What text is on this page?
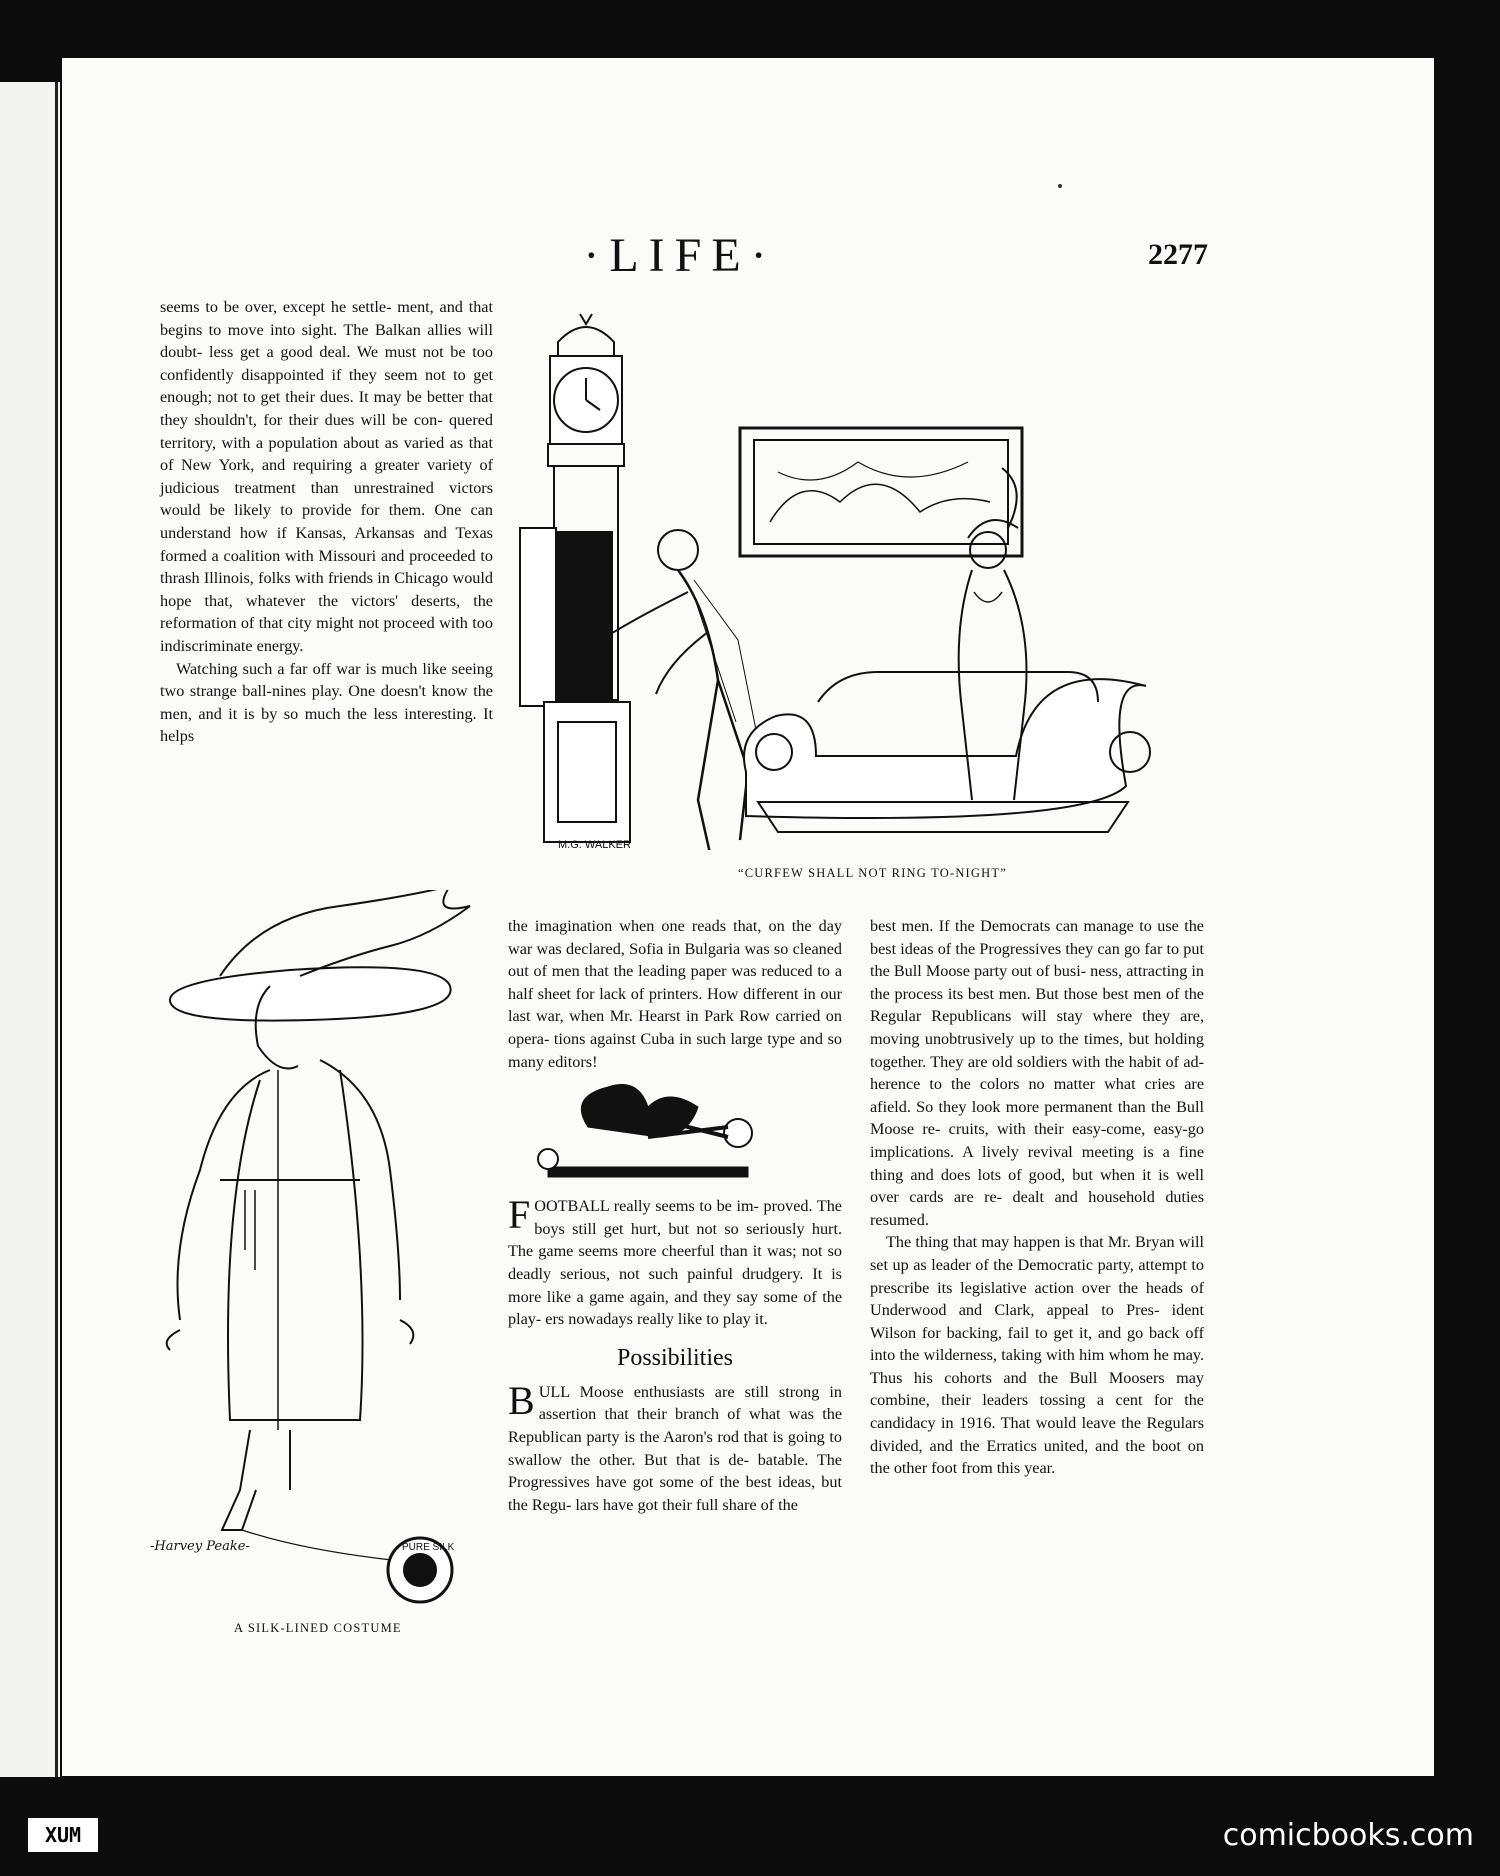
·LIFE·	2277

seems to be over, except he settle- ment, and that begins to move into sight. The Balkan allies will doubt- less get a good deal. We must not be too confidently disappointed if they seem not to get enough; not to get their dues. It may be better that they shouldn't, for their dues will be con- quered territory, with a population about as varied as that of New York, and requiring a greater variety of judicious treatment than unrestrained victors would be likely to provide for them. One can understand how if Kansas, Arkansas and Texas formed a coalition with Missouri and proceeded to thrash Illinois, folks with friends in Chicago would hope that, whatever the victors' deserts, the reformation of that city might not proceed with too indiscriminate energy.

Watching such a far off war is much like seeing two strange ball-nines play. One doesn't know the men, and it is by so much the less interesting. It helps

M.G. WALKER
“CURFEW SHALL NOT RING TO-NIGHT”
PURE SILK
-Harvey Peake-
A SILK-LINED COSTUME

the imagination when one reads that, on the day war was declared, Sofia in Bulgaria was so cleaned out of men that the leading paper was reduced to a half sheet for lack of printers. How different in our last war, when Mr. Hearst in Park Row carried on opera- tions against Cuba in such large type and so many editors!

F OOTBALL really seems to be im- proved. The boys still get hurt, but not so seriously hurt. The game seems more cheerful than it was; not so deadly serious, not such painful drudgery. It is more like a game again, and they say some of the play- ers nowadays really like to play it.

Possibilities

B ULL Moose enthusiasts are still strong in assertion that their branch of what was the Republican party is the Aaron's rod that is going to swallow the other. But that is de- batable. The Progressives have got some of the best ideas, but the Regu- lars have got their full share of the

best men. If the Democrats can manage to use the best ideas of the Progressives they can go far to put the Bull Moose party out of busi- ness, attracting in the process its best men. But those best men of the Regular Republicans will stay where they are, moving unobtrusively up to the times, but holding together. They are old soldiers with the habit of ad- herence to the colors no matter what cries are afield. So they look more permanent than the Bull Moose re- cruits, with their easy-come, easy-go implications. A lively revival meeting is a fine thing and does lots of good, but when it is well over cards are re- dealt and household duties resumed.

The thing that may happen is that Mr. Bryan will set up as leader of the Democratic party, attempt to prescribe its legislative action over the heads of Underwood and Clark, appeal to Pres- ident Wilson for backing, fail to get it, and go back off into the wilderness, taking with him whom he may. Thus his cohorts and the Bull Moosers may combine, their leaders tossing a cent for the candidacy in 1916. That would leave the Regulars divided, and the Erratics united, and the boot on the other foot from this year.

XUM	comicbooks.com
